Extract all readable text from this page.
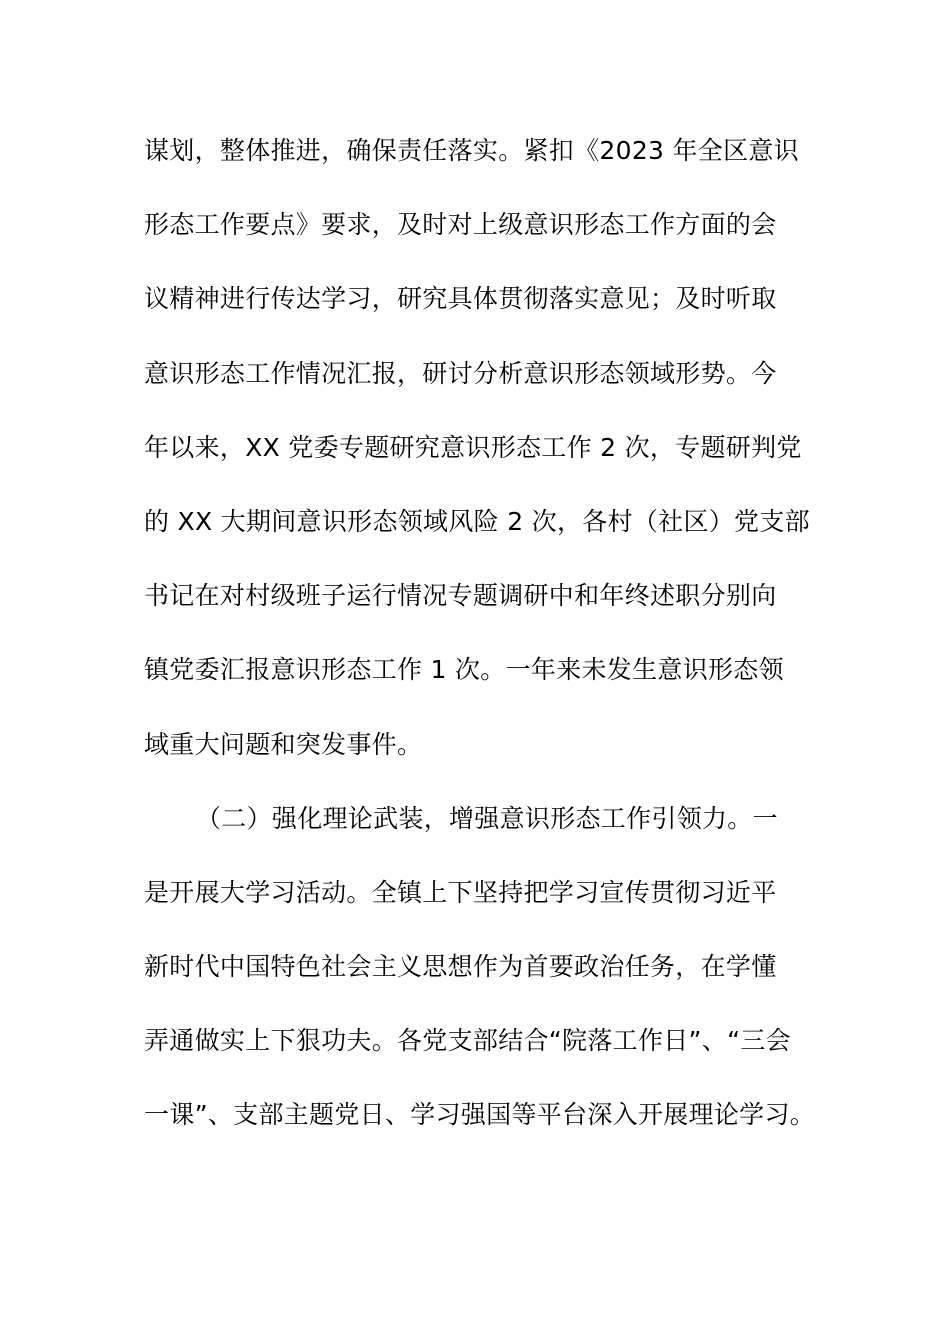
谋划，整体推进，确保责任落实。紧扣《2023 年全区意识
形态工作要点》要求，及时对上级意识形态工作方面的会
议精神进行传达学习，研究具体贯彻落实意见；及时听取
意识形态工作情况汇报，研讨分析意识形态领域形势。今
年以来，XX 党委专题研究意识形态工作 2 次，专题研判党
的 XX 大期间意识形态领域风险 2 次，各村（社区）党支部
书记在对村级班子运行情况专题调研中和年终述职分别向
镇党委汇报意识形态工作 1 次。一年来未发生意识形态领
域重大问题和突发事件。
（二）强化理论武装，增强意识形态工作引领力。一
是开展大学习活动。全镇上下坚持把学习宣传贯彻习近平
新时代中国特色社会主义思想作为首要政治任务，在学懂
弄通做实上下狠功夫。各党支部结合“院落工作日”、“三会
一课”、支部主题党日、学习强国等平台深入开展理论学习。
